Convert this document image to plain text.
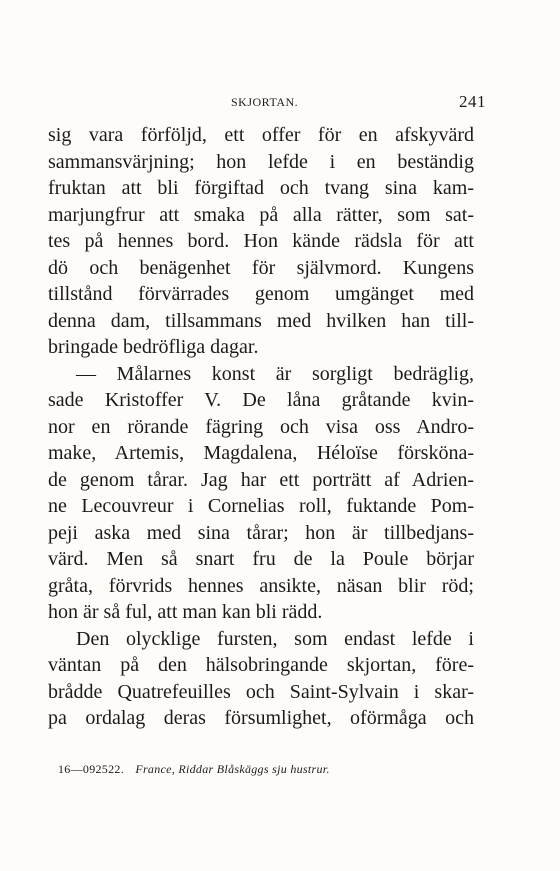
SKJORTAN.	241
sig vara förföljd, ett offer för en afskyvärd
sammansvärjning; hon lefde i en beständig
fruktan att bli förgiftad och tvang sina kam-
marjungfrur att smaka på alla rätter, som sat-
tes på hennes bord. Hon kände rädsla för att
dö och benägenhet för självmord. Kungens
tillstånd förvärrades genom umgänget med
denna dam, tillsammans med hvilken han till-
bringade bedröfliga dagar.
— Målarnes konst är sorgligt bedräglig,
sade Kristoffer V. De låna gråtande kvin-
nor en rörande fägring och visa oss Andro-
make, Artemis, Magdalena, Héloïse försköna-
de genom tårar. Jag har ett porträtt af Adrien-
ne Lecouvreur i Cornelias roll, fuktande Pom-
peji aska med sina tårar; hon är tillbedjans-
värd. Men så snart fru de la Poule börjar
gråta, förvrids hennes ansikte, näsan blir röd;
hon är så ful, att man kan bli rädd.
Den olycklige fursten, som endast lefde i
väntan på den hälsobringande skjortan, före-
brådde Quatrefeuilles och Saint-Sylvain i skar-
pa ordalag deras försumlighet, oförmåga och
16—092522. France, Riddar Blåskäggs sju hustrur.
